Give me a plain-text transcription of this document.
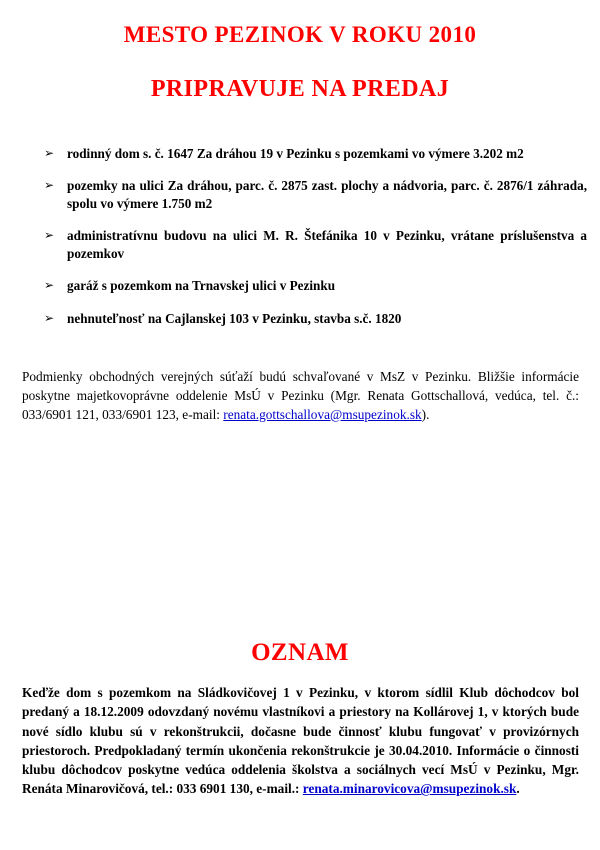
MESTO PEZINOK V ROKU 2010
PRIPRAVUJE NA PREDAJ
➢ rodinný dom s. č. 1647 Za dráhou 19 v Pezinku s pozemkami vo výmere 3.202 m2
➢ pozemky na ulici Za dráhou, parc. č. 2875 zast. plochy a nádvoria, parc. č. 2876/1 záhrada, spolu vo výmere 1.750 m2
➢ administratívnu budovu na ulici M. R. Štefánika 10 v Pezinku, vrátane príslušenstva a pozemkov
➢ garáž s pozemkom na Trnavskej ulici v Pezinku
➢ nehnuteľnosť na Cajlanskej 103 v Pezinku, stavba s.č. 1820

Podmienky obchodných verejných súťaží budú schvaľované v MsZ v Pezinku. Bližšie informácie poskytne majetkovoprávne oddelenie MsÚ v Pezinku (Mgr. Renata Gottschallová, vedúca, tel. č.: 033/6901 121, 033/6901 123, e-mail: renata.gottschallova@msupezinok.sk).

OZNAM

Keďže dom s pozemkom na Sládkovičovej 1 v Pezinku, v ktorom sídlil Klub dôchodcov bol predaný a 18.12.2009 odovzdaný novému vlastníkovi a priestory na Kollárovej 1, v ktorých bude nové sídlo klubu sú v rekonštrukcii, dočasne bude činnosť klubu fungovať v provizórnych priestoroch. Predpokladaný termín ukončenia rekonštrukcie je 30.04.2010. Informácie o činnosti klubu dôchodcov poskytne vedúca oddelenia školstva a sociálnych vecí MsÚ v Pezinku, Mgr. Renáta Minarovičová, tel.: 033 6901 130, e-mail.: renata.minarovicova@msupezinok.sk.
